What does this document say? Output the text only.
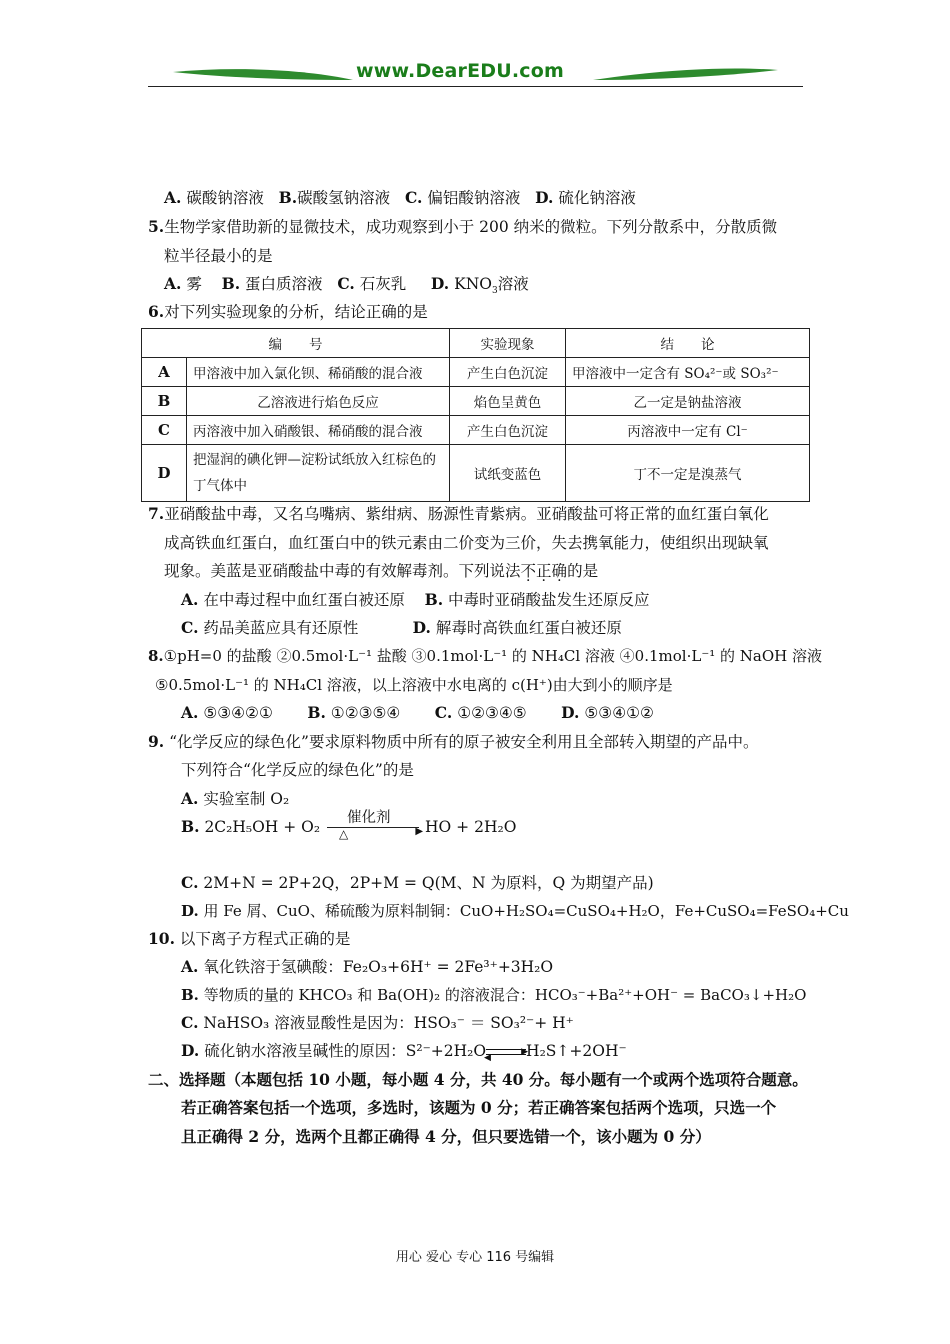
www.DearEDU.com
A. 碳酸钠溶液 B.碳酸氢钠溶液 C. 偏铝酸钠溶液 D. 硫化钠溶液
5.生物学家借助新的显微技术，成功观察到小于 200 纳米的微粒。下列分散系中，分散质微
粒半径最小的是
A. 雾 B. 蛋白质溶液 C. 石灰乳 D. $KNO_3$溶液
6.对下列实验现象的分析，结论正确的是
编　　号		实验现象	结　　论
A	甲溶液中加入氯化钡、稀硝酸的混合液	产生白色沉淀	甲溶液中一定含有 SO₄²⁻或 SO₃²⁻
B	乙溶液进行焰色反应	焰色呈黄色	乙一定是钠盐溶液
C	丙溶液中加入硝酸银、稀硝酸的混合液	产生白色沉淀	丙溶液中一定有 Cl⁻
D	把湿润的碘化钾—淀粉试纸放入红棕色的丁气体中	试纸变蓝色	丁不一定是溴蒸气
7.亚硝酸盐中毒，又名乌嘴病、紫绀病、肠源性青紫病。亚硝酸盐可将正常的血红蛋白氧化
成高铁血红蛋白，血红蛋白中的铁元素由二价变为三价，失去携氧能力，使组织出现缺氧
现象。美蓝是亚硝酸盐中毒的有效解毒剂。下列说法不正确的是
A. 在中毒过程中血红蛋白被还原 B. 中毒时亚硝酸盐发生还原反应
C. 药品美蓝应具有还原性	D. 解毒时高铁血红蛋白被还原
8.①pH=0 的盐酸 ②0.5mol·L⁻¹ 盐酸 ③0.1mol·L⁻¹ 的 NH₄Cl 溶液 ④0.1mol·L⁻¹ 的 NaOH 溶液
⑤0.5mol·L⁻¹ 的 NH₄Cl 溶液，以上溶液中水电离的 c(H⁺)由大到小的顺序是
A. ⑤③④②① B. ①②③⑤④ C. ①②③④⑤ D. ⑤③④①②
9. “化学反应的绿色化”要求原料物质中所有的原子被安全利用且全部转入期望的产品中。
下列符合“化学反应的绿色化”的是
A. 实验室制 O₂
B. 2C₂H₅OH + O₂ 催化剂
△	▶ HO + 2H₂O
C. 2M+N = 2P+2Q，2P+M = Q(M、N 为原料，Q 为期望产品)
D. 用 Fe 屑、CuO、稀硫酸为原料制铜：CuO+H₂SO₄=CuSO₄+H₂O，Fe+CuSO₄=FeSO₄+Cu
10. 以下离子方程式正确的是
A. 氧化铁溶于氢碘酸：Fe₂O₃+6H⁺ = 2Fe³⁺+3H₂O
B. 等物质的量的 KHCO₃ 和 Ba(OH)₂ 的溶液混合：HCO₃⁻+Ba²⁺+OH⁻ = BaCO₃↓+H₂O
C. NaHSO₃ 溶液显酸性是因为：HSO₃⁻ ＝ SO₃²⁻+ H⁺
D. 硫化钠水溶液呈碱性的原因：S²⁻+2H₂O	▶
◀ H₂S↑+2OH⁻
二、选择题（本题包括 10 小题，每小题 4 分，共 40 分。每小题有一个或两个选项符合题意。
若正确答案包括一个选项，多选时，该题为 0 分；若正确答案包括两个选项，只选一个
且正确得 2 分，选两个且都正确得 4 分，但只要选错一个，该小题为 0 分）
用心 爱心 专心 116 号编辑
